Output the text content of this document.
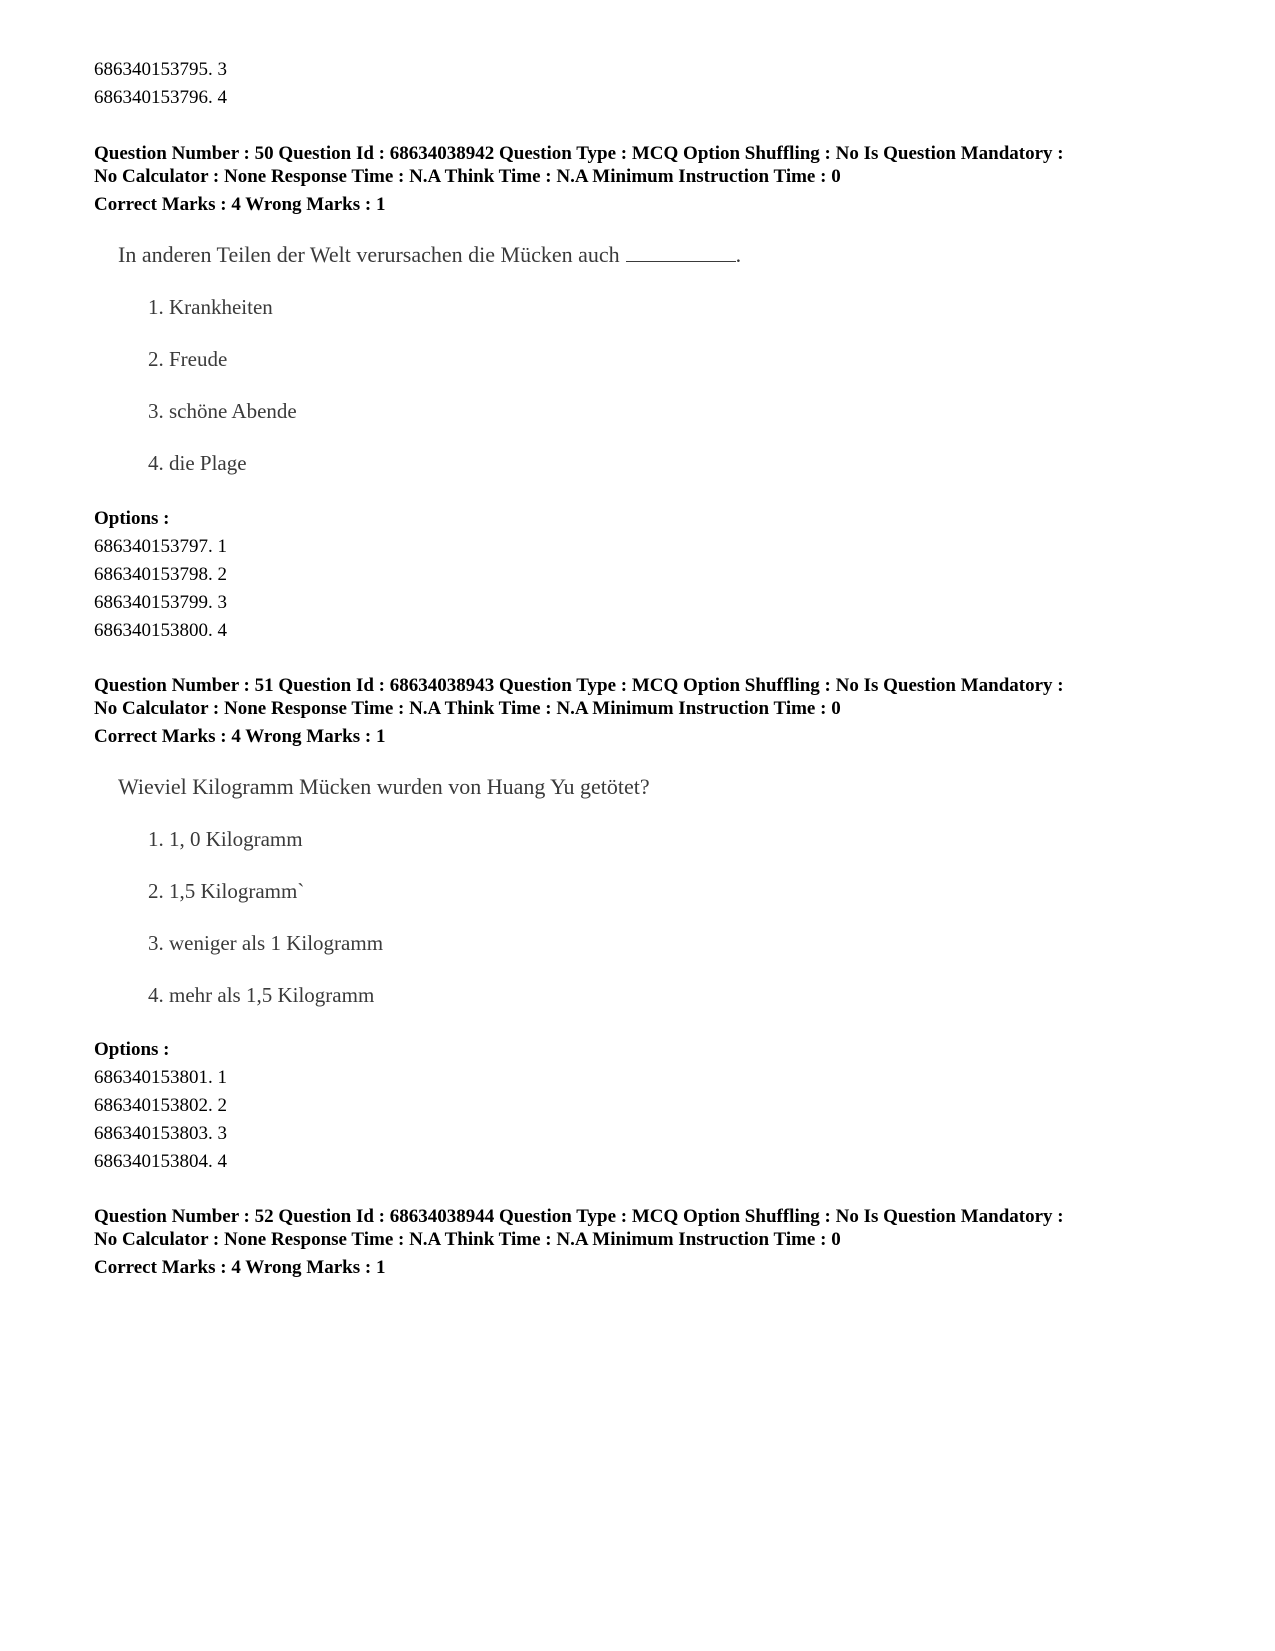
686340153795. 3
686340153796. 4
Question Number : 50 Question Id : 68634038942 Question Type : MCQ Option Shuffling : No Is Question Mandatory :
No Calculator : None Response Time : N.A Think Time : N.A Minimum Instruction Time : 0
Correct Marks : 4 Wrong Marks : 1
In anderen Teilen der Welt verursachen die Mücken auch	.
1. Krankheiten
2. Freude
3. schöne Abende
4. die Plage
Options :
686340153797. 1
686340153798. 2
686340153799. 3
686340153800. 4
Question Number : 51 Question Id : 68634038943 Question Type : MCQ Option Shuffling : No Is Question Mandatory :
No Calculator : None Response Time : N.A Think Time : N.A Minimum Instruction Time : 0
Correct Marks : 4 Wrong Marks : 1
Wieviel Kilogramm Mücken wurden von Huang Yu getötet?
1. 1, 0 Kilogramm
2. 1,5 Kilogramm`
3. weniger als 1 Kilogramm
4. mehr als 1,5 Kilogramm
Options :
686340153801. 1
686340153802. 2
686340153803. 3
686340153804. 4
Question Number : 52 Question Id : 68634038944 Question Type : MCQ Option Shuffling : No Is Question Mandatory :
No Calculator : None Response Time : N.A Think Time : N.A Minimum Instruction Time : 0
Correct Marks : 4 Wrong Marks : 1
